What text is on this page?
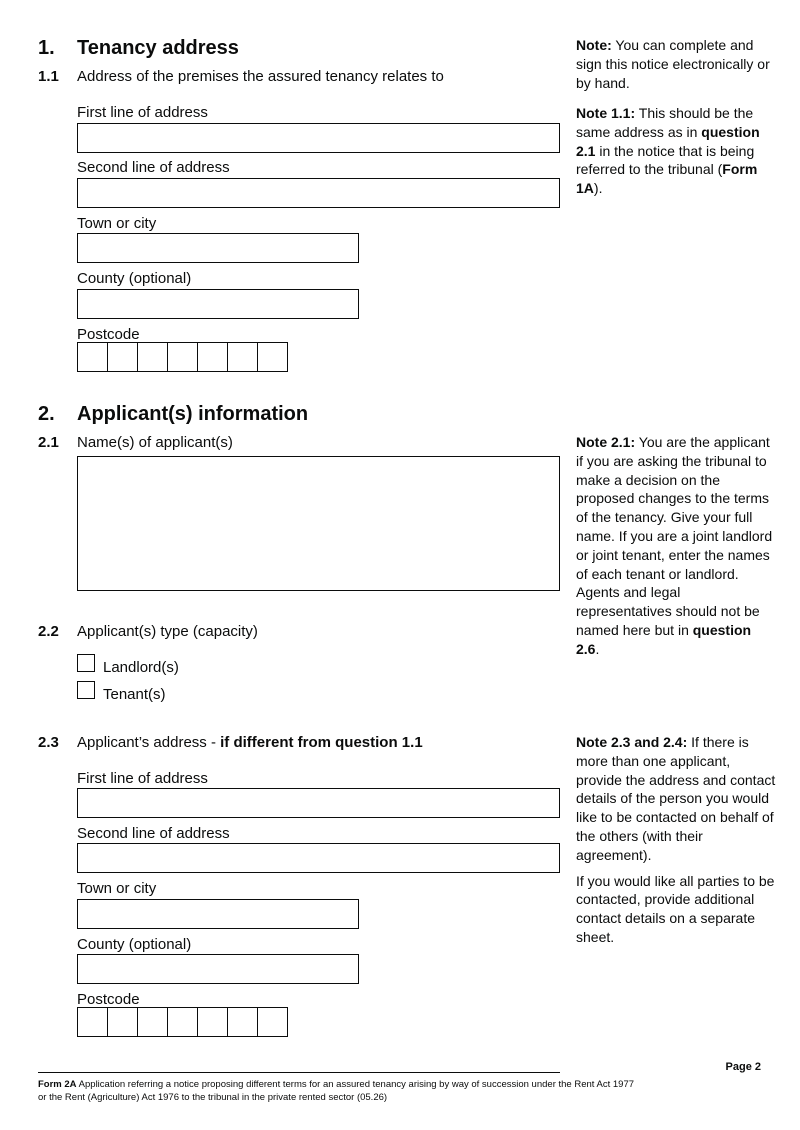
1. Tenancy address
1.1 Address of the premises the assured tenancy relates to
First line of address
Second line of address
Town or city
County (optional)
Postcode

Note: You can complete and sign this notice electronically or by hand.

Note 1.1: This should be the same address as in question 2.1 in the notice that is being referred to the tribunal (Form 1A).

2. Applicant(s) information
2.1 Name(s) of applicant(s)	Note 2.1: You are the applicant if you are asking the tribunal to make a decision on the proposed changes to the terms of the tenancy. Give your full name. If you are a joint landlord or joint tenant, enter the names of each tenant or landlord. Agents and legal representatives should not be named here but in question 2.6.

2.2 Applicant(s) type (capacity)
Landlord(s)
Tenant(s)
2.3 Applicant’s address - if different from question 1.1
First line of address
Second line of address
Town or city
County (optional)
Postcode

Note 2.3 and 2.4: If there is more than one applicant, provide the address and contact details of the person you would like to be contacted on behalf of the others (with their agreement).

If you would like all parties to be contacted, provide additional contact details on a separate sheet.

Page 2
Form 2A Application referring a notice proposing different terms for an assured tenancy arising by way of succession under the Rent Act 1977 or the Rent (Agriculture) Act 1976 to the tribunal in the private rented sector (05.26)
